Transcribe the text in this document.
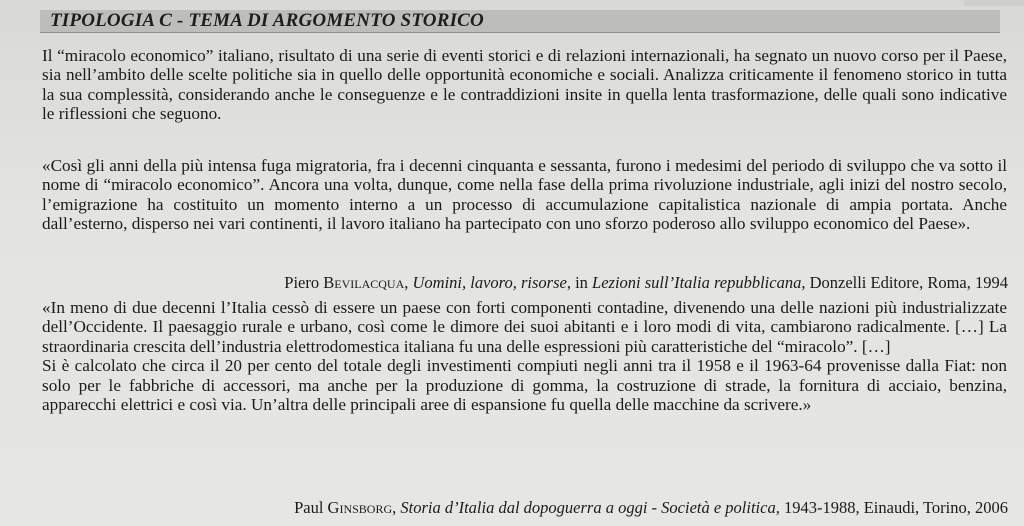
TIPOLOGIA C - TEMA DI ARGOMENTO STORICO

Il “miracolo economico” italiano, risultato di una serie di eventi storici e di relazioni internazionali, ha segnato un nuovo corso per il Paese, sia nell’ambito delle scelte politiche sia in quello delle opportunità economiche e sociali. Analizza criticamente il fenomeno storico in tutta la sua complessità, considerando anche le conseguenze e le contraddizioni insite in quella lenta trasformazione, delle quali sono indicative le riflessioni che seguono.

«Così gli anni della più intensa fuga migratoria, fra i decenni cinquanta e sessanta, furono i medesimi del periodo di sviluppo che va sotto il nome di “miracolo economico”. Ancora una volta, dunque, come nella fase della prima rivoluzione industriale, agli inizi del nostro secolo, l’emigrazione ha costituito un momento interno a un processo di accumulazione capitalistica nazionale di ampia portata. Anche dall’esterno, disperso nei vari continenti, il lavoro italiano ha partecipato con uno sforzo poderoso allo sviluppo economico del Paese».

Piero Bevilacqua, Uomini, lavoro, risorse, in Lezioni sull’Italia repubblicana, Donzelli Editore, Roma, 1994

«In meno di due decenni l’Italia cessò di essere un paese con forti componenti contadine, divenendo una delle nazioni più industrializzate dell’Occidente. Il paesaggio rurale e urbano, così come le dimore dei suoi abitanti e i loro modi di vita, cambiarono radicalmente. […] La straordinaria crescita dell’industria elettrodomestica italiana fu una delle espressioni più caratteristiche del “miracolo”. […]

Si è calcolato che circa il 20 per cento del totale degli investimenti compiuti negli anni tra il 1958 e il 1963-64 provenisse dalla Fiat: non solo per le fabbriche di accessori, ma anche per la produzione di gomma, la costruzione di strade, la fornitura di acciaio, benzina, apparecchi elettrici e così via. Un’altra delle principali aree di espansione fu quella delle macchine da scrivere.»

Paul Ginsborg, Storia d’Italia dal dopoguerra a oggi - Società e politica, 1943-1988, Einaudi, Torino, 2006
